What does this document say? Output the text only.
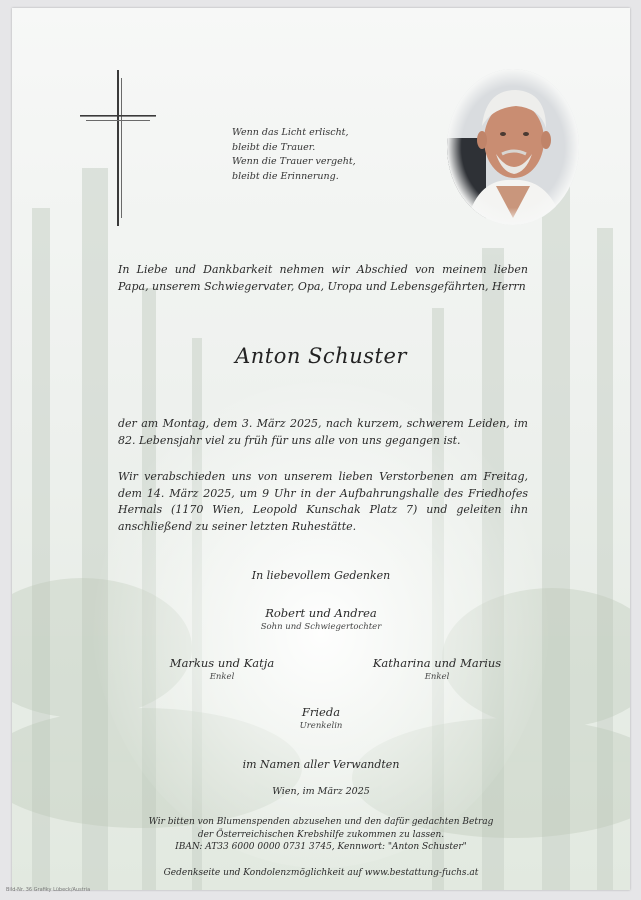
Wenn das Licht erlischt,
bleibt die Trauer.
Wenn die Trauer vergeht,
bleibt die Erinnerung.
In Liebe und Dankbarkeit nehmen wir Abschied von meinem lieben Papa, unserem Schwiegervater, Opa, Uropa und Lebensgefährten, Herrn
Anton Schuster
der am Montag, dem 3. März 2025, nach kurzem, schwerem Leiden, im 82. Lebensjahr viel zu früh für uns alle von uns gegangen ist.
Wir verabschieden uns von unserem lieben Verstorbenen am Freitag, dem 14. März 2025, um 9 Uhr in der Aufbahrungshalle des Friedhofes Hernals (1170 Wien, Leopold Kunschak Platz 7) und geleiten ihn anschließend zu seiner letzten Ruhestätte.
In liebevollem Gedenken
Robert und Andrea
Sohn und Schwiegertochter
Markus und Katja
Enkel
Katharina und Marius
Enkel
Frieda
Urenkelin
im Namen aller Verwandten
Wien, im März 2025
Wir bitten von Blumenspenden abzusehen und den dafür gedachten Betrag
der Österreichischen Krebshilfe zukommen zu lassen.
IBAN: AT33 6000 0000 0731 3745, Kennwort: "Anton Schuster"
Gedenkseite und Kondolenzmöglichkeit auf www.bestattung-fuchs.at
Bild-Nr. 36 Grafiky Lübeck/Austria
